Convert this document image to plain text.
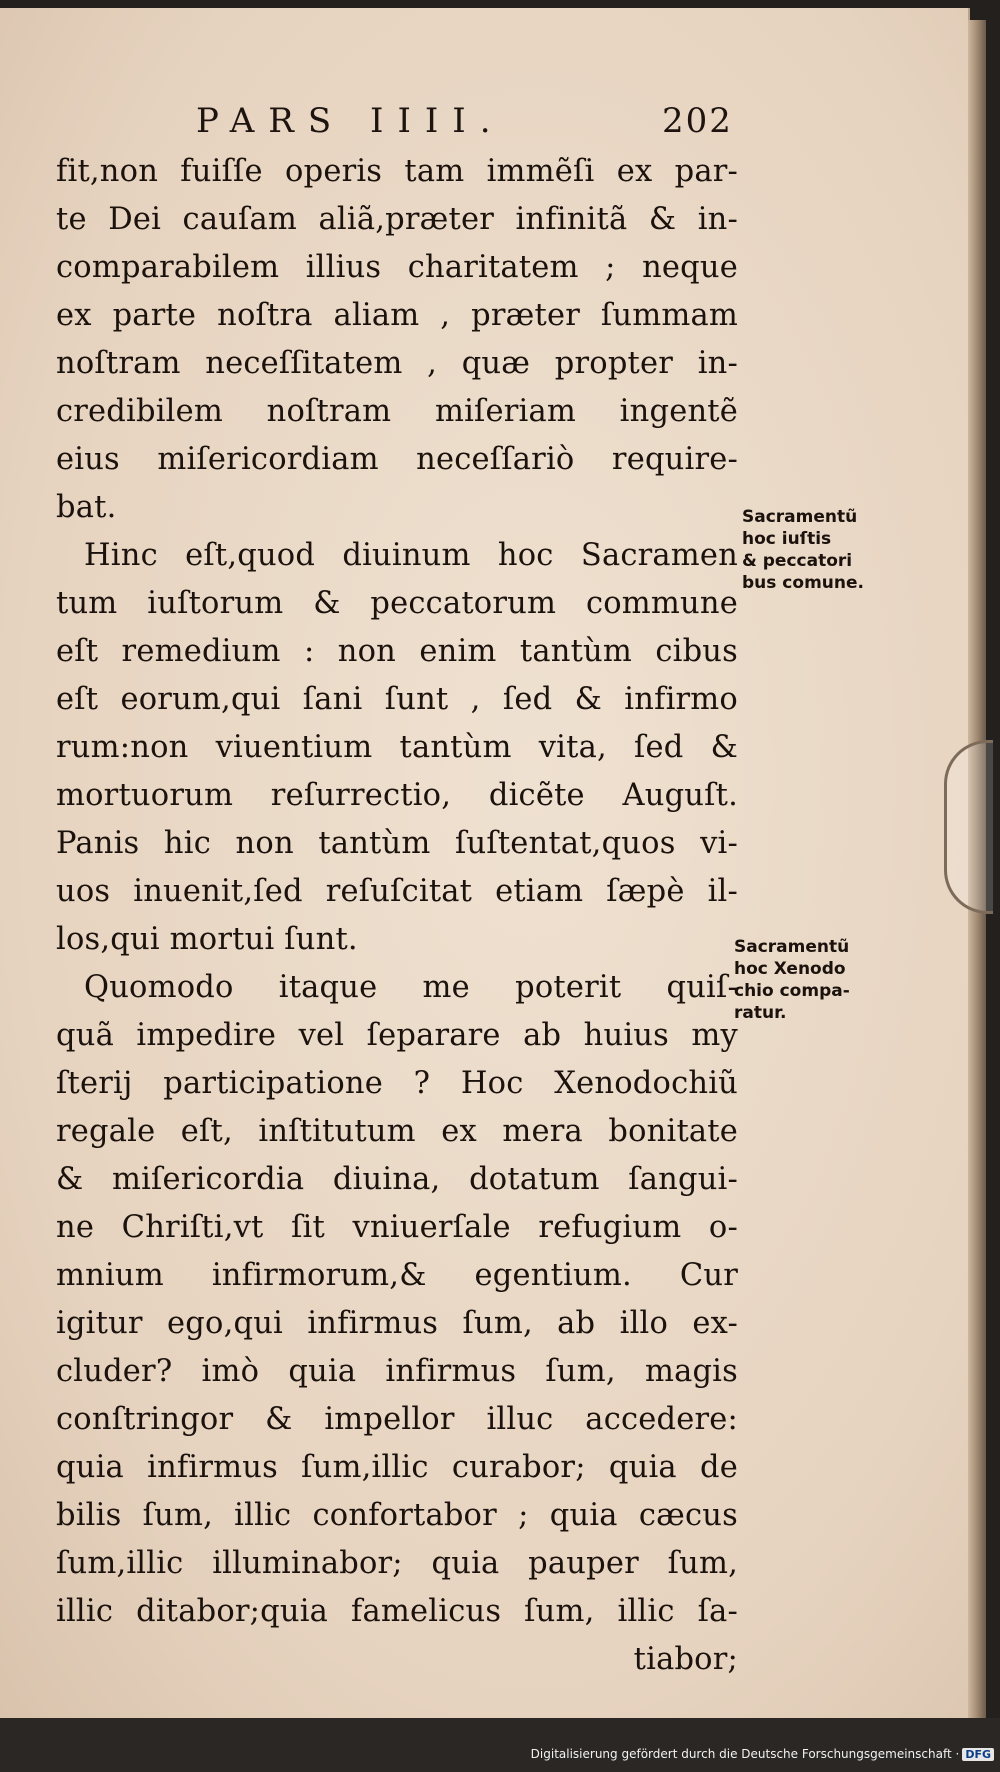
PARS IIII.	202
fit,non fuiſſe operis tam immẽſi ex par-
te Dei cauſam aliã,præter infinitã & in-
comparabilem illius charitatem ; neque
ex parte noſtra aliam , præter ſummam
noſtram neceſſitatem , quæ propter in-
credibilem noſtram miſeriam ingentẽ
eius miſericordiam neceſſariò require-
bat.
Hinc eſt,quod diuinum hoc Sacramen
tum iuſtorum & peccatorum commune
eſt remedium : non enim tantùm cibus
eſt eorum,qui ſani ſunt , ſed & infirmo
rum:non viuentium tantùm vita, ſed &
mortuorum reſurrectio, dicẽte Auguſt.
Panis hic non tantùm ſuſtentat,quos vi-
uos inuenit,ſed reſuſcitat etiam ſæpè il-
los,qui mortui ſunt.
Quomodo itaque me poterit quiſ-
quã impedire vel ſeparare ab huius my
ſterij participatione ? Hoc Xenodochiũ
regale eſt, inſtitutum ex mera bonitate
& miſericordia diuina, dotatum ſangui-
ne Chriſti,vt ſit vniuerſale refugium o-
mnium infirmorum,& egentium. Cur
igitur ego,qui infirmus ſum, ab illo ex-
cluder? imò quia infirmus ſum, magis
conſtringor & impellor illuc accedere:
quia infirmus ſum,illic curabor; quia de
bilis ſum, illic confortabor ; quia cæcus
ſum,illic illuminabor; quia pauper ſum,
illic ditabor;quia famelicus ſum, illic ſa-
tiabor;
Sacramentũ
hoc iuſtis
& peccatori
bus comune.
Sacramentũ
hoc Xenodo
chio compa-
ratur.
Digitalisierung gefördert durch die Deutsche Forschungsgemeinschaft · DFG
